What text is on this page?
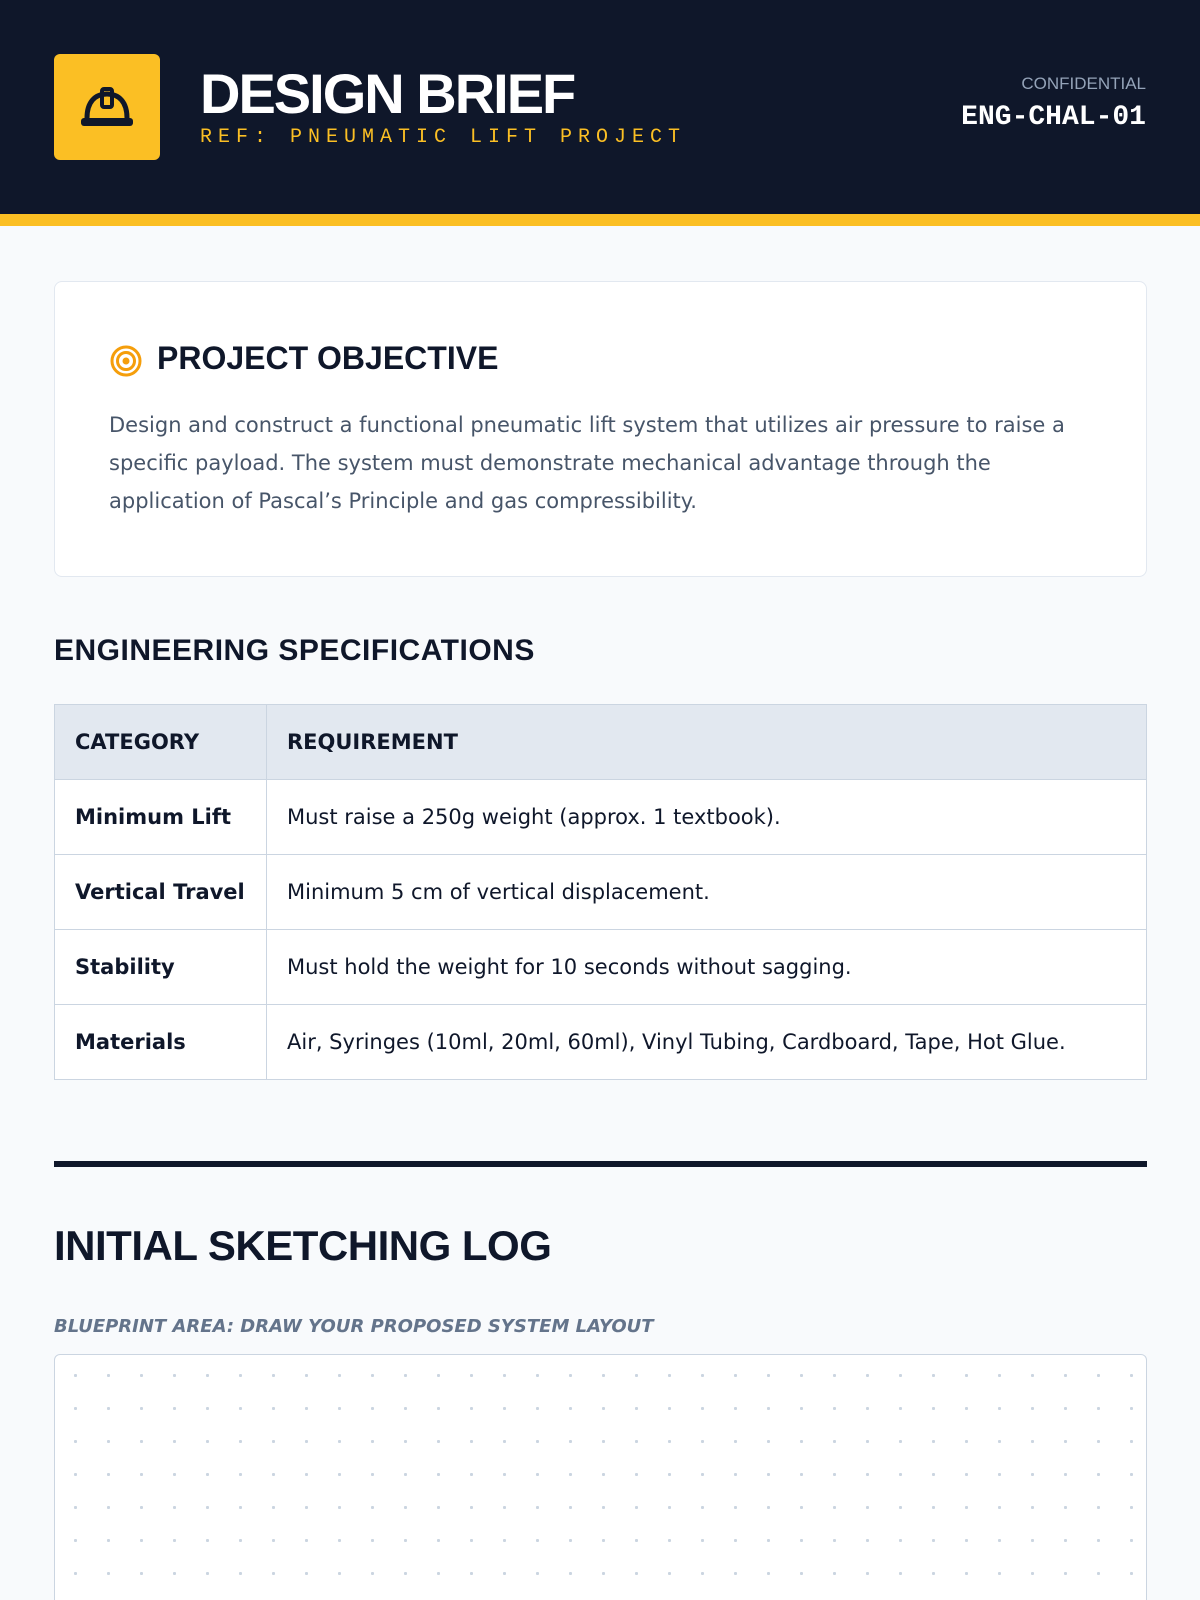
DESIGN BRIEF
REF: PNEUMATIC LIFT PROJECT
CONFIDENTIAL
ENG-CHAL-01
PROJECT OBJECTIVE
Design and construct a functional pneumatic lift system that utilizes air pressure to raise a specific payload. The system must demonstrate mechanical advantage through the application of Pascal’s Principle and gas compressibility.
ENGINEERING SPECIFICATIONS
CATEGORY	REQUIREMENT
Minimum Lift	Must raise a 250g weight (approx. 1 textbook).
Vertical Travel	Minimum 5 cm of vertical displacement.
Stability	Must hold the weight for 10 seconds without sagging.
Materials	Air, Syringes (10ml, 20ml, 60ml), Vinyl Tubing, Cardboard, Tape, Hot Glue.
INITIAL SKETCHING LOG
BLUEPRINT AREA: DRAW YOUR PROPOSED SYSTEM LAYOUT
